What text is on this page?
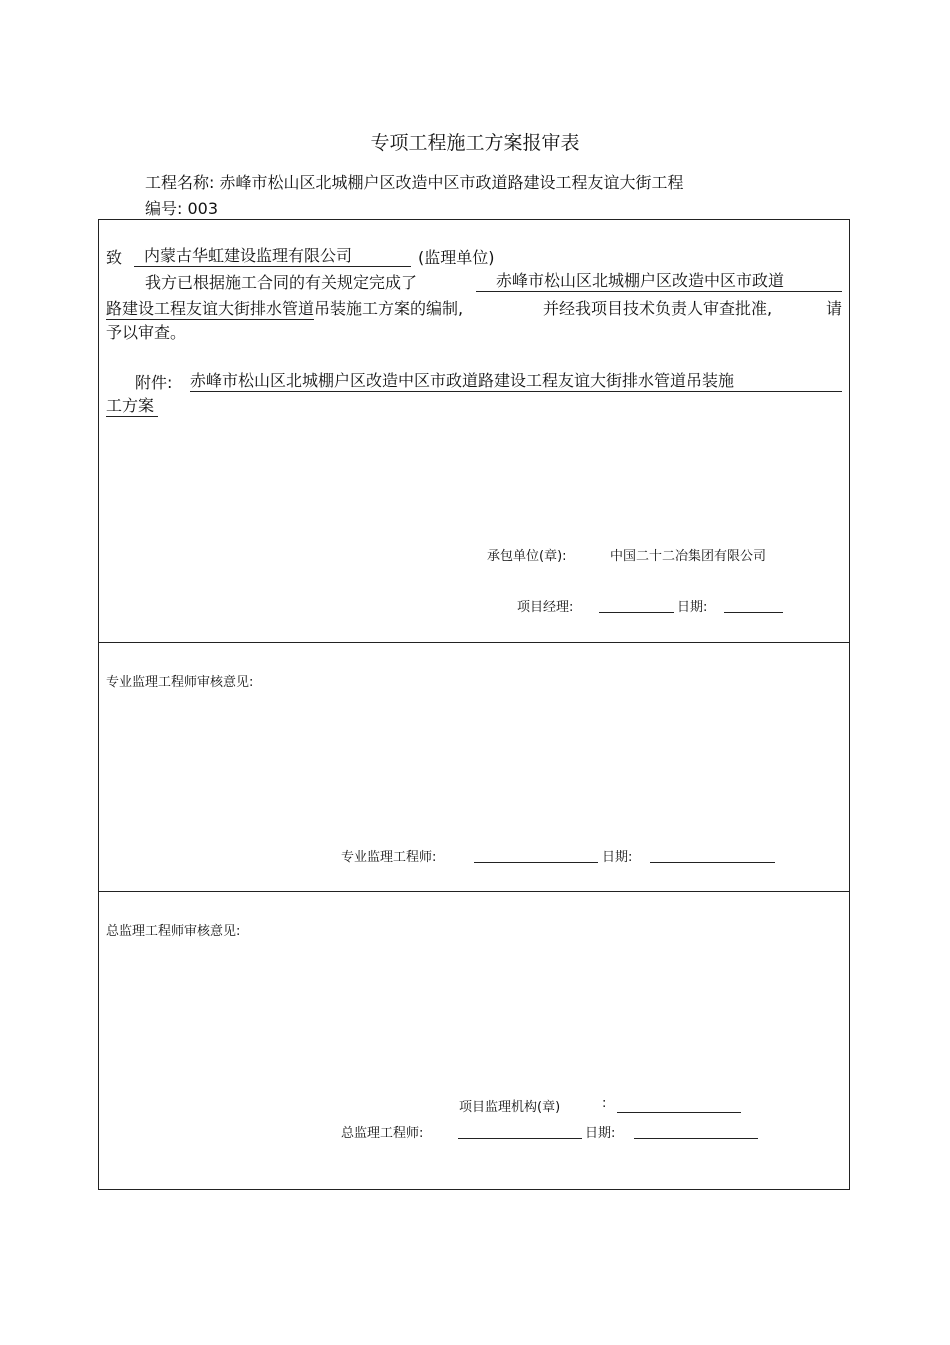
专项工程施工方案报审表
工程名称: 赤峰市松山区北城棚户区改造中区市政道路建设工程友谊大街工程
编号: 003
致	内蒙古华虹建设监理有限公司	(监理单位)
我方已根据施工合同的有关规定完成了	赤峰市松山区北城棚户区改造中区市政道
路建设工程友谊大街排水管道吊装施工方案的编制,	并经我项目技术负责人审查批准,	请
予以审查。
附件: 赤峰市松山区北城棚户区改造中区市政道路建设工程友谊大街排水管道吊装施
工方案
承包单位(章):	中国二十二冶集团有限公司
项目经理:	日期:
专业监理工程师审核意见:
专业监理工程师:	日期:
总监理工程师审核意见:
项目监理机构(章)	:
总监理工程师:	日期:
